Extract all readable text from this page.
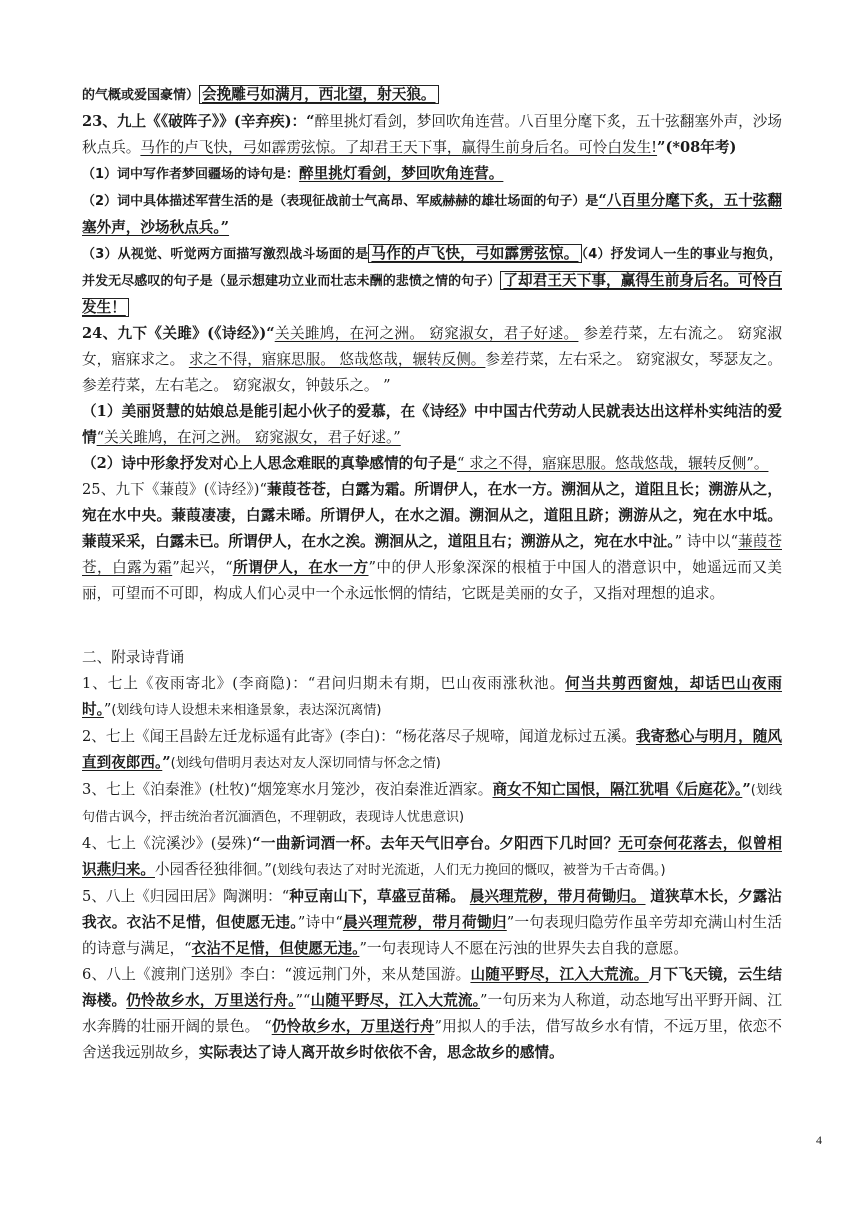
的气概或爱国豪情） 会挽雕弓如满月，西北望，射天狼。

23、九上《《破阵子》》(辛弃疾)：“醉里挑灯看剑，梦回吹角连营。八百里分麾下炙，五十弦翻塞外声，沙场秋点兵。马作的卢飞快，弓如霹雳弦惊。了却君王天下事，赢得生前身后名。可怜白发生!”(*08年考)

（1）词中写作者梦回疆场的诗句是：醉里挑灯看剑，梦回吹角连营。

（2）词中具体描述军营生活的是（表现征战前士气高昂、军威赫赫的雄壮场面的句子）是“八百里分麾下炙，五十弦翻塞外声，沙场秋点兵。”

（3）从视觉、听觉两方面描写激烈战斗场面的是 马作的卢飞快，弓如霹雳弦惊。 （4）抒发词人一生的事业与抱负，并发无尽感叹的句子是（显示想建功立业而壮志未酬的悲愤之情的句子） 了却君王天下事，赢得生前身后名。可怜白发生！

24、九下《关雎》(《诗经》)“关关雎鸠，在河之洲。 窈窕淑女，君子好逑。 参差荇菜，左右流之。 窈窕淑女，寤寐求之。 求之不得，寤寐思服。 悠哉悠哉，辗转反侧。参差荇菜，左右采之。 窈窕淑女，琴瑟友之。 参差荇菜，左右芼之。 窈窕淑女，钟鼓乐之。 ”

（1）美丽贤慧的姑娘总是能引起小伙子的爱慕，在《诗经》中中国古代劳动人民就表达出这样朴实纯洁的爱情“关关雎鸠，在河之洲。 窈窕淑女，君子好逑。”

（2）诗中形象抒发对心上人思念难眠的真挚感情的句子是“ 求之不得，寤寐思服。悠哉悠哉，辗转反侧”。

25、九下《蒹葭》(《诗经》)“蒹葭苍苍，白露为霜。所谓伊人，在水一方。溯洄从之，道阻且长；溯游从之，宛在水中央。蒹葭凄凄，白露未晞。所谓伊人，在水之湄。溯洄从之，道阻且跻；溯游从之，宛在水中坻。蒹葭采采，白露未已。所谓伊人，在水之涘。溯洄从之，道阻且右；溯游从之，宛在水中沚。” 诗中以“蒹葭苍苍，白露为霜”起兴，“所谓伊人，在水一方”中的伊人形象深深的根植于中国人的潜意识中，她遥远而又美丽，可望而不可即，构成人们心灵中一个永远怅惘的情结，它既是美丽的女子，又指对理想的追求。

二、附录诗背诵

1、七上《夜雨寄北》(李商隐)：“君问归期未有期，巴山夜雨涨秋池。何当共剪西窗烛，却话巴山夜雨时。”(划线句诗人设想未来相逢景象，表达深沉离情)

2、七上《闻王昌龄左迁龙标遥有此寄》(李白)：“杨花落尽子规啼，闻道龙标过五溪。我寄愁心与明月，随风直到夜郎西。”(划线句借明月表达对友人深切同情与怀念之情)

3、七上《泊秦淮》(杜牧)“烟笼寒水月笼沙，夜泊秦淮近酒家。商女不知亡国恨，隔江犹唱《后庭花》。”(划线句借古讽今，抨击统治者沉湎酒色，不理朝政，表现诗人忧患意识)

4、七上《浣溪沙》(晏殊)“一曲新词酒一杯。去年天气旧亭台。夕阳西下几时回？无可奈何花落去，似曾相识燕归来。小园香径独徘徊。”(划线句表达了对时光流逝，人们无力挽回的慨叹，被誉为千古奇偶。)

5、八上《归园田居》陶渊明：“种豆南山下，草盛豆苗稀。 晨兴理荒秽，带月荷锄归。 道狭草木长，夕露沾我衣。衣沾不足惜，但使愿无违。”诗中“晨兴理荒秽，带月荷锄归”一句表现归隐劳作虽辛劳却充满山村生活的诗意与满足，“衣沾不足惜，但使愿无违。”一句表现诗人不愿在污浊的世界失去自我的意愿。

6、八上《渡荆门送别》李白：“渡远荆门外，来从楚国游。山随平野尽，江入大荒流。月下飞天镜，云生结海楼。仍怜故乡水，万里送行舟。”“山随平野尽，江入大荒流。”一句历来为人称道，动态地写出平野开阔、江水奔腾的壮丽开阔的景色。 “仍怜故乡水，万里送行舟”用拟人的手法，借写故乡水有情，不远万里，依恋不舍送我远别故乡，实际表达了诗人离开故乡时依依不舍，思念故乡的感情。

4
